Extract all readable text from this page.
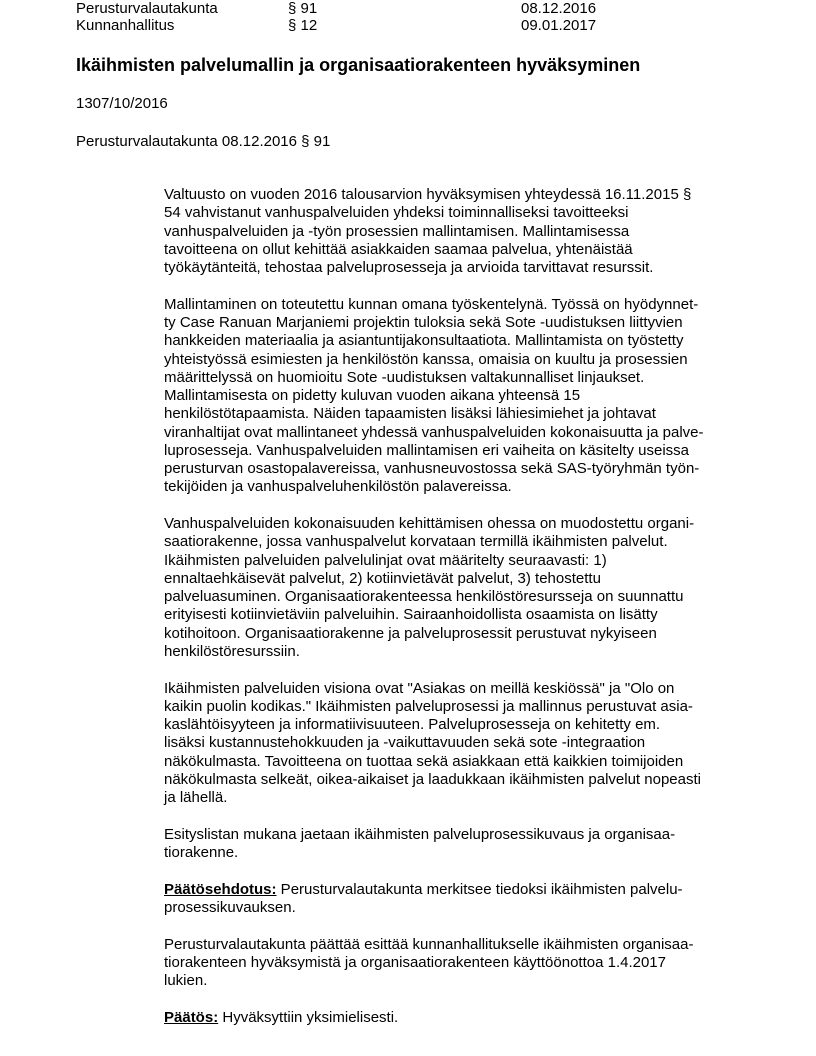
Perusturvalautakunta	§ 91	08.12.2016
Kunnanhallitus	§ 12	09.01.2017
Ikäihmisten palvelumallin ja organisaatiorakenteen hyväksyminen

1307/10/2016

Perusturvalautakunta 08.12.2016 § 91

Valtuusto on vuoden 2016 talousarvion hyväksymisen yhteydessä 16.11.2015 §
54 vahvistanut vanhuspalveluiden yhdeksi toiminnalliseksi tavoitteeksi
vanhuspalveluiden ja -työn prosessien mallintamisen. Mallintamisessa
tavoitteena on ollut kehittää asiakkaiden saamaa palvelua, yhtenäistää
työkäytänteitä, tehostaa palveluprosesseja ja arvioida tarvittavat resurssit.

Mallintaminen on toteutettu kunnan omana työskentelynä. Työssä on hyödynnet-
ty Case Ranuan Marjaniemi projektin tuloksia sekä Sote -uudistuksen liittyvien
hankkeiden materiaalia ja asiantuntijakonsultaatiota. Mallintamista on työstetty
yhteistyössä esimiesten ja henkilöstön kanssa, omaisia on kuultu ja prosessien
määrittelyssä on huomioitu Sote -uudistuksen valtakunnalliset linjaukset.
Mallintamisesta on pidetty kuluvan vuoden aikana yhteensä 15
henkilöstötapaamista. Näiden tapaamisten lisäksi lähiesimiehet ja johtavat
viranhaltijat ovat mallintaneet yhdessä vanhuspalveluiden kokonaisuutta ja palve-
luprosesseja. Vanhuspalveluiden mallintamisen eri vaiheita on käsitelty useissa
perusturvan osastopalavereissa, vanhusneuvostossa sekä SAS-työryhmän työn-
tekijöiden ja vanhuspalveluhenkilöstön palavereissa.

Vanhuspalveluiden kokonaisuuden kehittämisen ohessa on muodostettu organi-
saatiorakenne, jossa vanhuspalvelut korvataan termillä ikäihmisten palvelut.
Ikäihmisten palveluiden palvelulinjat ovat määritelty seuraavasti: 1)
ennaltaehkäisevät palvelut, 2) kotiinvietävät palvelut, 3) tehostettu
palveluasuminen. Organisaatiorakenteessa henkilöstöresursseja on suunnattu
erityisesti kotiinvietäviin palveluihin. Sairaanhoidollista osaamista on lisätty
kotihoitoon. Organisaatiorakenne ja palveluprosessit perustuvat nykyiseen
henkilöstöresurssiin.

Ikäihmisten palveluiden visiona ovat "Asiakas on meillä keskiössä" ja "Olo on
kaikin puolin kodikas." Ikäihmisten palveluprosessi ja mallinnus perustuvat asia-
kaslähtöisyyteen ja informatiivisuuteen. Palveluprosesseja on kehitetty em.
lisäksi kustannustehokkuuden ja -vaikuttavuuden sekä sote -integraation
näkökulmasta. Tavoitteena on tuottaa sekä asiakkaan että kaikkien toimijoiden
näkökulmasta selkeät, oikea-aikaiset ja laadukkaan ikäihmisten palvelut nopeasti
ja lähellä.

Esityslistan mukana jaetaan ikäihmisten palveluprosessikuvaus ja organisaa-
tiorakenne.

Päätösehdotus: Perusturvalautakunta merkitsee tiedoksi ikäihmisten palvelu-
prosessikuvauksen.

Perusturvalautakunta päättää esittää kunnanhallitukselle ikäihmisten organisaa-
tiorakenteen hyväksymistä ja organisaatiorakenteen käyttöönottoa 1.4.2017
lukien.

Päätös: Hyväksyttiin yksimielisesti.
